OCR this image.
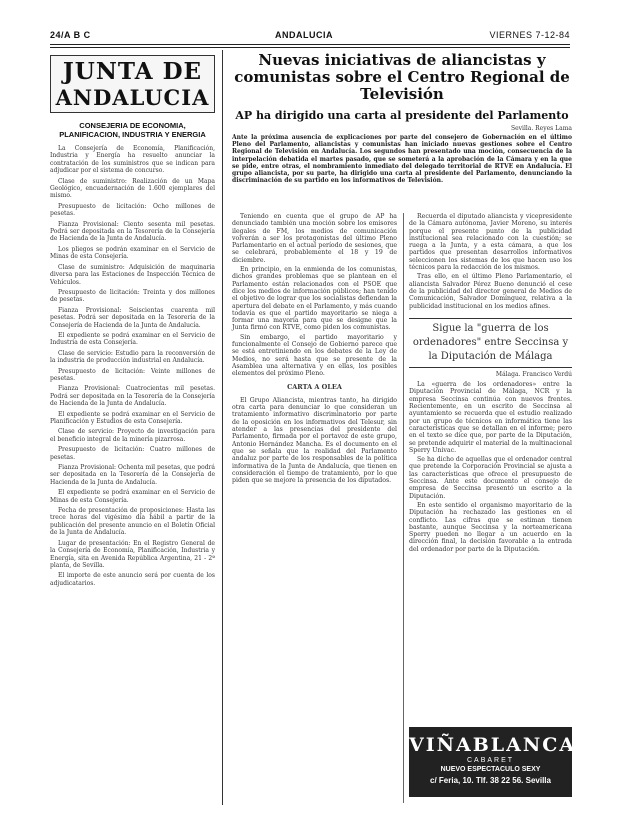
24/A B C	ANDALUCIA	VIERNES 7-12-84
JUNTA DE
ANDALUCIA
CONSEJERIA DE ECONOMIA, PLANIFICACION, INDUSTRIA Y ENERGIA

La Consejería de Economía, Planificación, Industria y Energía ha resuelto anunciar la contratación de los suministros que se indican para adjudicar por el sistema de concurso.

Clase de suministro: Realización de un Mapa Geológico, encuadernación de 1.600 ejemplares del mismo.

Presupuesto de licitación: Ocho millones de pesetas.

Fianza Provisional: Ciento sesenta mil pesetas. Podrá ser depositada en la Tesorería de la Consejería de Hacienda de la Junta de Andalucía.

Los pliegos se podrán examinar en el Servicio de Minas de esta Consejería.

Clase de suministro: Adquisición de maquinaria diversa para las Estaciones de Inspección Técnica de Vehículos.

Presupuesto de licitación: Treinta y dos millones de pesetas.

Fianza Provisional: Seiscientas cuarenta mil pesetas. Podrá ser depositada en la Tesorería de la Consejería de Hacienda de la Junta de Andalucía.

El expediente se podrá examinar en el Servicio de Industria de esta Consejería.

Clase de servicio: Estudio para la reconversión de la industria de producción industrial en Andalucía.

Presupuesto de licitación: Veinte millones de pesetas.

Fianza Provisional: Cuatrocientas mil pesetas. Podrá ser depositada en la Tesorería de la Consejería de Hacienda de la Junta de Andalucía.

El expediente se podrá examinar en el Servicio de Planificación y Estudios de esta Consejería.

Clase de servicio: Proyecto de investigación para el beneficio integral de la minería pizarrosa.

Presupuesto de licitación: Cuatro millones de pesetas.

Fianza Provisional: Ochenta mil pesetas, que podrá ser depositada en la Tesorería de la Consejería de Hacienda de la Junta de Andalucía.

El expediente se podrá examinar en el Servicio de Minas de esta Consejería.

Fecha de presentación de proposiciones: Hasta las trece horas del vigésimo día hábil a partir de la publicación del presente anuncio en el Boletín Oficial de la Junta de Andalucía.

Lugar de presentación: En el Registro General de la Consejería de Economía, Planificación, Industria y Energía, sita en Avenida República Argentina, 21 - 2ª planta, de Sevilla.

El importe de este anuncio será por cuenta de los adjudicatarios.

Nuevas iniciativas de aliancistas y comunistas sobre el Centro Regional de Televisión
AP ha dirigido una carta al presidente del Parlamento
Sevilla. Reyes Lama
Ante la próxima ausencia de explicaciones por parte del consejero de Gobernación en el último Pleno del Parlamento, aliancistas y comunistas han iniciado nuevas gestiones sobre el Centro Regional de Televisión en Andalucía. Los segundos han presentado una moción, consecuencia de la interpelación debatida el martes pasado, que se someterá a la aprobación de la Cámara y en la que se pide, entre otras, el nombramiento inmediato del delegado territorial de RTVE en Andalucía. El grupo aliancista, por su parte, ha dirigido una carta al presidente del Parlamento, denunciando la discriminación de su partido en los informativos de Televisión.

Teniendo en cuenta que el grupo de AP ha denunciado también una moción sobre los emisores ilegales de FM, los medios de comunicación volverán a ser los protagonistas del último Pleno Parlamentario en el actual período de sesiones, que se celebrará, probablemente el 18 y 19 de diciembre.

En principio, en la enmienda de los comunistas, dichos grandes problemas que se plantean en el Parlamento están relacionados con el PSOE que dice los medios de información públicos; han tenido el objetivo de lograr que los socialistas defiendan la apertura del debate en el Parlamento, y más cuando todavía es que el partido mayoritario se niega a formar una mayoría para que se designe que la Junta firmó con RTVE, como piden los comunistas.

Sin embargo, el partido mayoritario y funcionalmente el Consejo de Gobierno parece que se está entretiniendo en los debates de la Ley de Medios, no será hasta que se presente de la Asamblea una alternativa y en ellas, los posibles elementos del próximo Pleno.

CARTA A OLEA

El Grupo Aliancista, mientras tanto, ha dirigido otra carta para denunciar lo que consideran un tratamiento informativo discriminatorio por parte de la oposición en los informativos del Telesur, sin atender a las presencias del presidente del Parlamento, firmada por el portavoz de este grupo, Antonio Hernández Mancha. Es el documento en el que se señala que la realidad del Parlamento andaluz por parte de los responsables de la política informativa de la Junta de Andalucía, que tienen en consideración el tiempo de tratamiento, por lo que piden que se mejore la presencia de los diputados.

Recuerda el diputado aliancista y vicepresidente de la Cámara autónoma, Javier Moreno, su interés porque el presente punto de la publicidad institucional sea relacionado con la cuestión; se ruega a la Junta, y a esta cámara, a que los partidos que presentan desarrollos informativos seleccionen los sistemas de los que hacen uso los técnicos para la redacción de los mismos.

Tras ello, en el último Pleno Parlamentario, el aliancista Salvador Pérez Bueno denunció el cese de la publicidad del director general de Medios de Comunicación, Salvador Domínguez, relativa a la publicidad institucional en los medios afines.

Sigue la "guerra de los ordenadores" entre Seccinsa y la Diputación de Málaga
Málaga. Francisco Verdú

La «guerra de los ordenadores» entre la Diputación Provincial de Málaga, NCR y la empresa Seccinsa continúa con nuevos frentes. Recientemente, en un escrito de Seccinsa al ayuntamiento se recuerda que el estudio realizado por un grupo de técnicos en informática tiene las características que se detallan en el informe; pero en el texto se dice que, por parte de la Diputación, se pretende adquirir el material de la multinacional Sperry Univac.

Se ha dicho de aquellas que el ordenador central que pretende la Corporación Provincial se ajusta a las características que ofrece el presupuesto de Seccinsa. Ante este documento el consejo de empresa de Seccinsa presentó un escrito a la Diputación.

En este sentido el organismo mayoritario de la Diputación ha rechazado las gestiones en el conflicto. Las cifras que se estiman tienen bastante, aunque Seccinsa y la norteamericana Sperry pueden no llegar a un acuerdo en la dirección final, la decisión favorable a la entrada del ordenador por parte de la Diputación.

VIÑABLANCA
CABARET
NUEVO ESPECTACULO SEXY
c/ Feria, 10. Tlf. 38 22 56. Sevilla
